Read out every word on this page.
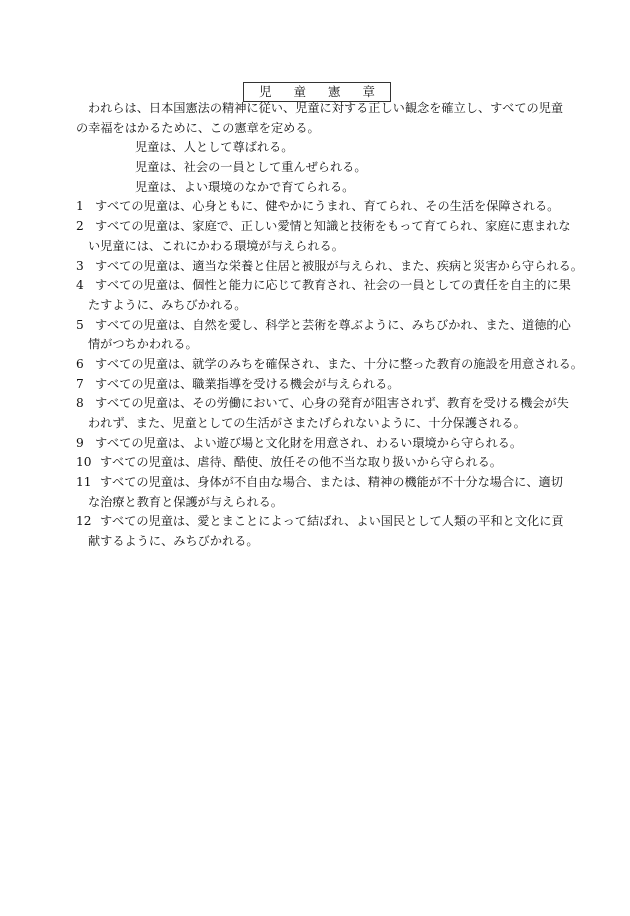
児 童 憲 章
われらは、日本国憲法の精神に従い、児童に対する正しい観念を確立し、すべての児童
の幸福をはかるために、この憲章を定める。
児童は、人として尊ばれる。
児童は、社会の一員として重んぜられる。
児童は、よい環境のなかで育てられる。
1 すべての児童は、心身ともに、健やかにうまれ、育てられ、その生活を保障される。
2 すべての児童は、家庭で、正しい愛情と知識と技術をもって育てられ、家庭に恵まれな
い児童には、これにかわる環境が与えられる。
3 すべての児童は、適当な栄養と住居と被服が与えられ、また、疾病と災害から守られる。
4 すべての児童は、個性と能力に応じて教育され、社会の一員としての責任を自主的に果
たすように、みちびかれる。
5 すべての児童は、自然を愛し、科学と芸術を尊ぶように、みちびかれ、また、道徳的心
情がつちかわれる。
6 すべての児童は、就学のみちを確保され、また、十分に整った教育の施設を用意される。
7 すべての児童は、職業指導を受ける機会が与えられる。
8 すべての児童は、その労働において、心身の発育が阻害されず、教育を受ける機会が失
われず、また、児童としての生活がさまたげられないように、十分保護される。
9 すべての児童は、よい遊び場と文化財を用意され、わるい環境から守られる。
10 すべての児童は、虐待、酷使、放任その他不当な取り扱いから守られる。
11 すべての児童は、身体が不自由な場合、または、精神の機能が不十分な場合に、適切
な治療と教育と保護が与えられる。
12 すべての児童は、愛とまことによって結ばれ、よい国民として人類の平和と文化に貢
献するように、みちびかれる。
